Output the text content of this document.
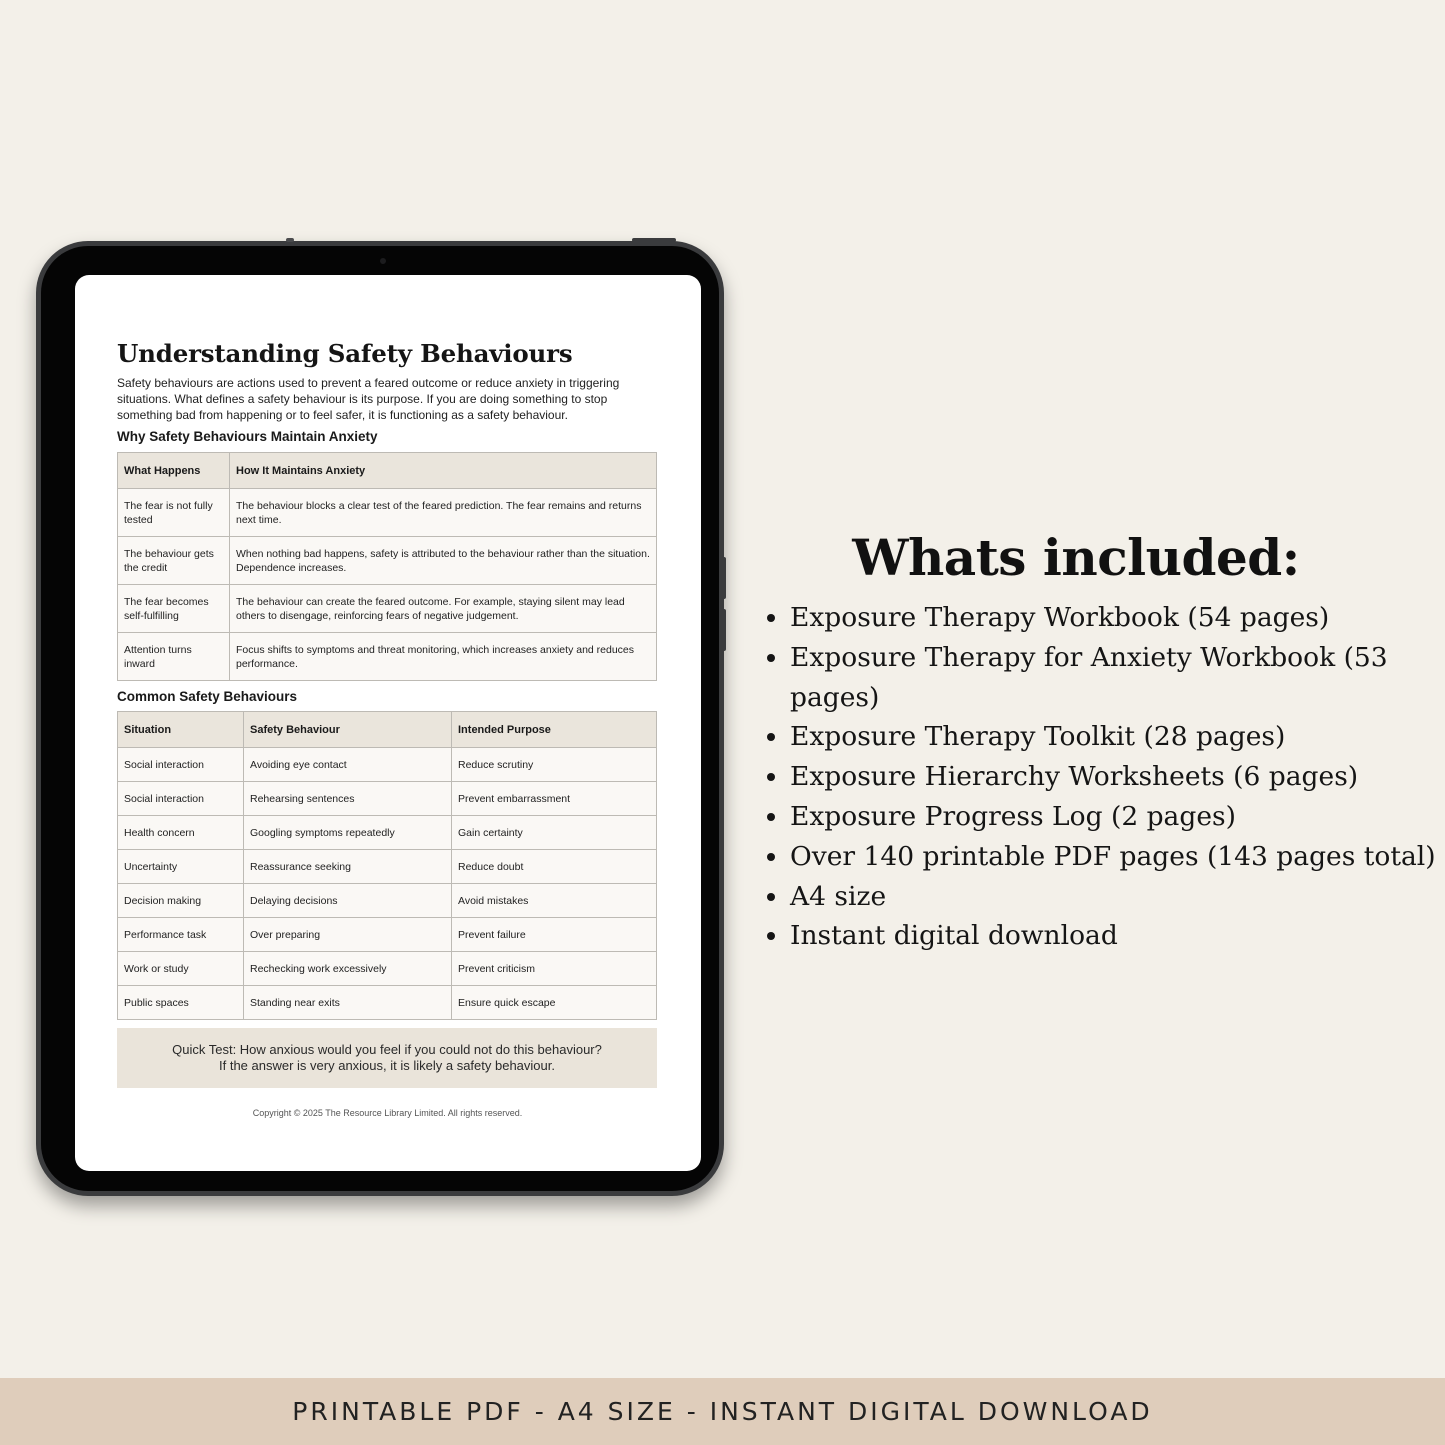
Understanding Safety Behaviours

Safety behaviours are actions used to prevent a feared outcome or reduce anxiety in triggering situations. What defines a safety behaviour is its purpose. If you are doing something to stop something bad from happening or to feel safer, it is functioning as a safety behaviour.

Why Safety Behaviours Maintain Anxiety
What Happens	How It Maintains Anxiety
The fear is not fully tested	The behaviour blocks a clear test of the feared prediction. The fear remains and returns next time.
The behaviour gets the credit	When nothing bad happens, safety is attributed to the behaviour rather than the situation. Dependence increases.
The fear becomes self-fulfilling	The behaviour can create the feared outcome. For example, staying silent may lead others to disengage, reinforcing fears of negative judgement.
Attention turns inward	Focus shifts to symptoms and threat monitoring, which increases anxiety and reduces performance.
Common Safety Behaviours
Situation	Safety Behaviour	Intended Purpose
Social interaction	Avoiding eye contact	Reduce scrutiny
Social interaction	Rehearsing sentences	Prevent embarrassment
Health concern	Googling symptoms repeatedly	Gain certainty
Uncertainty	Reassurance seeking	Reduce doubt
Decision making	Delaying decisions	Avoid mistakes
Performance task	Over preparing	Prevent failure
Work or study	Rechecking work excessively	Prevent criticism
Public spaces	Standing near exits	Ensure quick escape
Quick Test: How anxious would you feel if you could not do this behaviour?
If the answer is very anxious, it is likely a safety behaviour.
Copyright © 2025 The Resource Library Limited. All rights reserved.
Whats included:
• Exposure Therapy Workbook (54 pages)
• Exposure Therapy for Anxiety Workbook (53 pages)
• Exposure Therapy Toolkit (28 pages)
• Exposure Hierarchy Worksheets (6 pages)
• Exposure Progress Log (2 pages)
• Over 140 printable PDF pages (143 pages total)
• A4 size
• Instant digital download
PRINTABLE PDF - A4 SIZE - INSTANT DIGITAL DOWNLOAD
